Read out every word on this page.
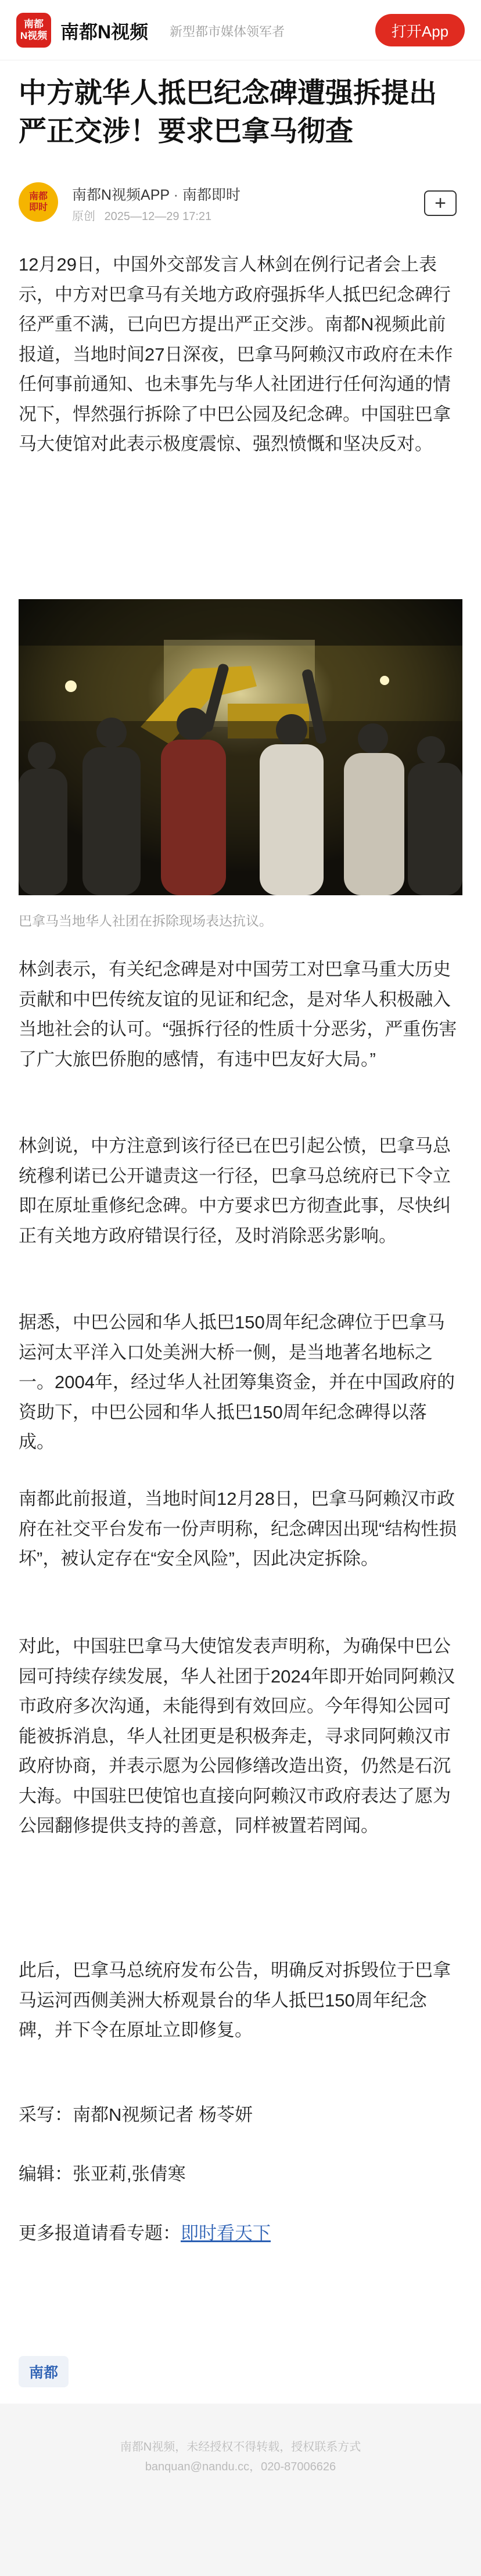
南都
N视频 南都N视频 新型都市媒体领军者	打开App
中方就华人抵巴纪念碑遭强拆提出严正交涉！要求巴拿马彻查
南都
即时
南都N视频APP · 南都即时
原创 2025—12—29 17:21
+

12月29日，中国外交部发言人林剑在例行记者会上表示，中方对巴拿马有关地方政府强拆华人抵巴纪念碑行径严重不满，已向巴方提出严正交涉。南都N视频此前报道，当地时间27日深夜，巴拿马阿赖汉市政府在未作任何事前通知、也未事先与华人社团进行任何沟通的情况下，悍然强行拆除了中巴公园及纪念碑。中国驻巴拿马大使馆对此表示极度震惊、强烈愤慨和坚决反对。

巴拿马当地华人社团在拆除现场表达抗议。

林剑表示，有关纪念碑是对中国劳工对巴拿马重大历史贡献和中巴传统友谊的见证和纪念，是对华人积极融入当地社会的认可。“强拆行径的性质十分恶劣，严重伤害了广大旅巴侨胞的感情，有违中巴友好大局。”

林剑说，中方注意到该行径已在巴引起公愤，巴拿马总统穆利诺已公开谴责这一行径，巴拿马总统府已下令立即在原址重修纪念碑。中方要求巴方彻查此事，尽快纠正有关地方政府错误行径，及时消除恶劣影响。

据悉，中巴公园和华人抵巴150周年纪念碑位于巴拿马运河太平洋入口处美洲大桥一侧，是当地著名地标之一。2004年，经过华人社团筹集资金，并在中国政府的资助下，中巴公园和华人抵巴150周年纪念碑得以落成。

南都此前报道，当地时间12月28日，巴拿马阿赖汉市政府在社交平台发布一份声明称，纪念碑因出现“结构性损坏”，被认定存在“安全风险”，因此决定拆除。

对此，中国驻巴拿马大使馆发表声明称，为确保中巴公园可持续存续发展，华人社团于2024年即开始同阿赖汉市政府多次沟通，未能得到有效回应。今年得知公园可能被拆消息，华人社团更是积极奔走，寻求同阿赖汉市政府协商，并表示愿为公园修缮改造出资，仍然是石沉大海。中国驻巴使馆也直接向阿赖汉市政府表达了愿为公园翻修提供支持的善意，同样被置若罔闻。

此后，巴拿马总统府发布公告，明确反对拆毁位于巴拿马运河西侧美洲大桥观景台的华人抵巴150周年纪念碑，并下令在原址立即修复。

采写：南都N视频记者 杨苓妍
编辑：张亚莉,张倩寒
更多报道请看专题：即时看天下
南都
南都N视频，未经授权不得转载，授权联系方式
banquan@nandu.cc，020-87006626
